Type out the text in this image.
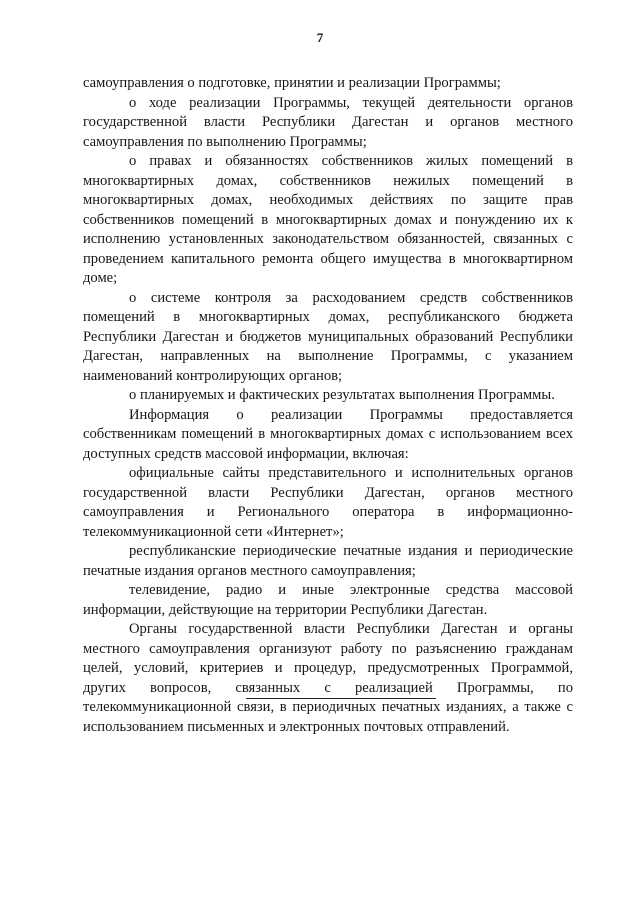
7

самоуправления о подготовке, принятии и реализации Программы;

о ходе реализации Программы, текущей деятельности органов государственной власти Республики Дагестан и органов местного самоуправления по выполнению Программы;

о правах и обязанностях собственников жилых помещений в многоквартирных домах, собственников нежилых помещений в многоквартирных домах, необходимых действиях по защите прав собственников помещений в многоквартирных домах и понуждению их к исполнению установленных законодательством обязанностей, связанных с проведением капитального ремонта общего имущества в многоквартирном доме;

о системе контроля за расходованием средств собственников помещений в многоквартирных домах, республиканского бюджета Республики Дагестан и бюджетов муниципальных образований Республики Дагестан, направленных на выполнение Программы, с указанием наименований контролирующих органов;

о планируемых и фактических результатах выполнения Программы.

Информация о реализации Программы предоставляется собственникам помещений в многоквартирных домах с использованием всех доступных средств массовой информации, включая:

официальные сайты представительного и исполнительных органов государственной власти Республики Дагестан, органов местного самоуправления и Регионального оператора в информационно-телекоммуникационной сети «Интернет»;

республиканские периодические печатные издания и периодические печатные издания органов местного самоуправления;

телевидение, радио и иные электронные средства массовой информации, действующие на территории Республики Дагестан.

Органы государственной власти Республики Дагестан и органы местного самоуправления организуют работу по разъяснению гражданам целей, условий, критериев и процедур, предусмотренных Программой, других вопросов, связанных с реализацией Программы, по телекоммуникационной связи, в периодичных печатных изданиях, а также с использованием письменных и электронных почтовых отправлений.
